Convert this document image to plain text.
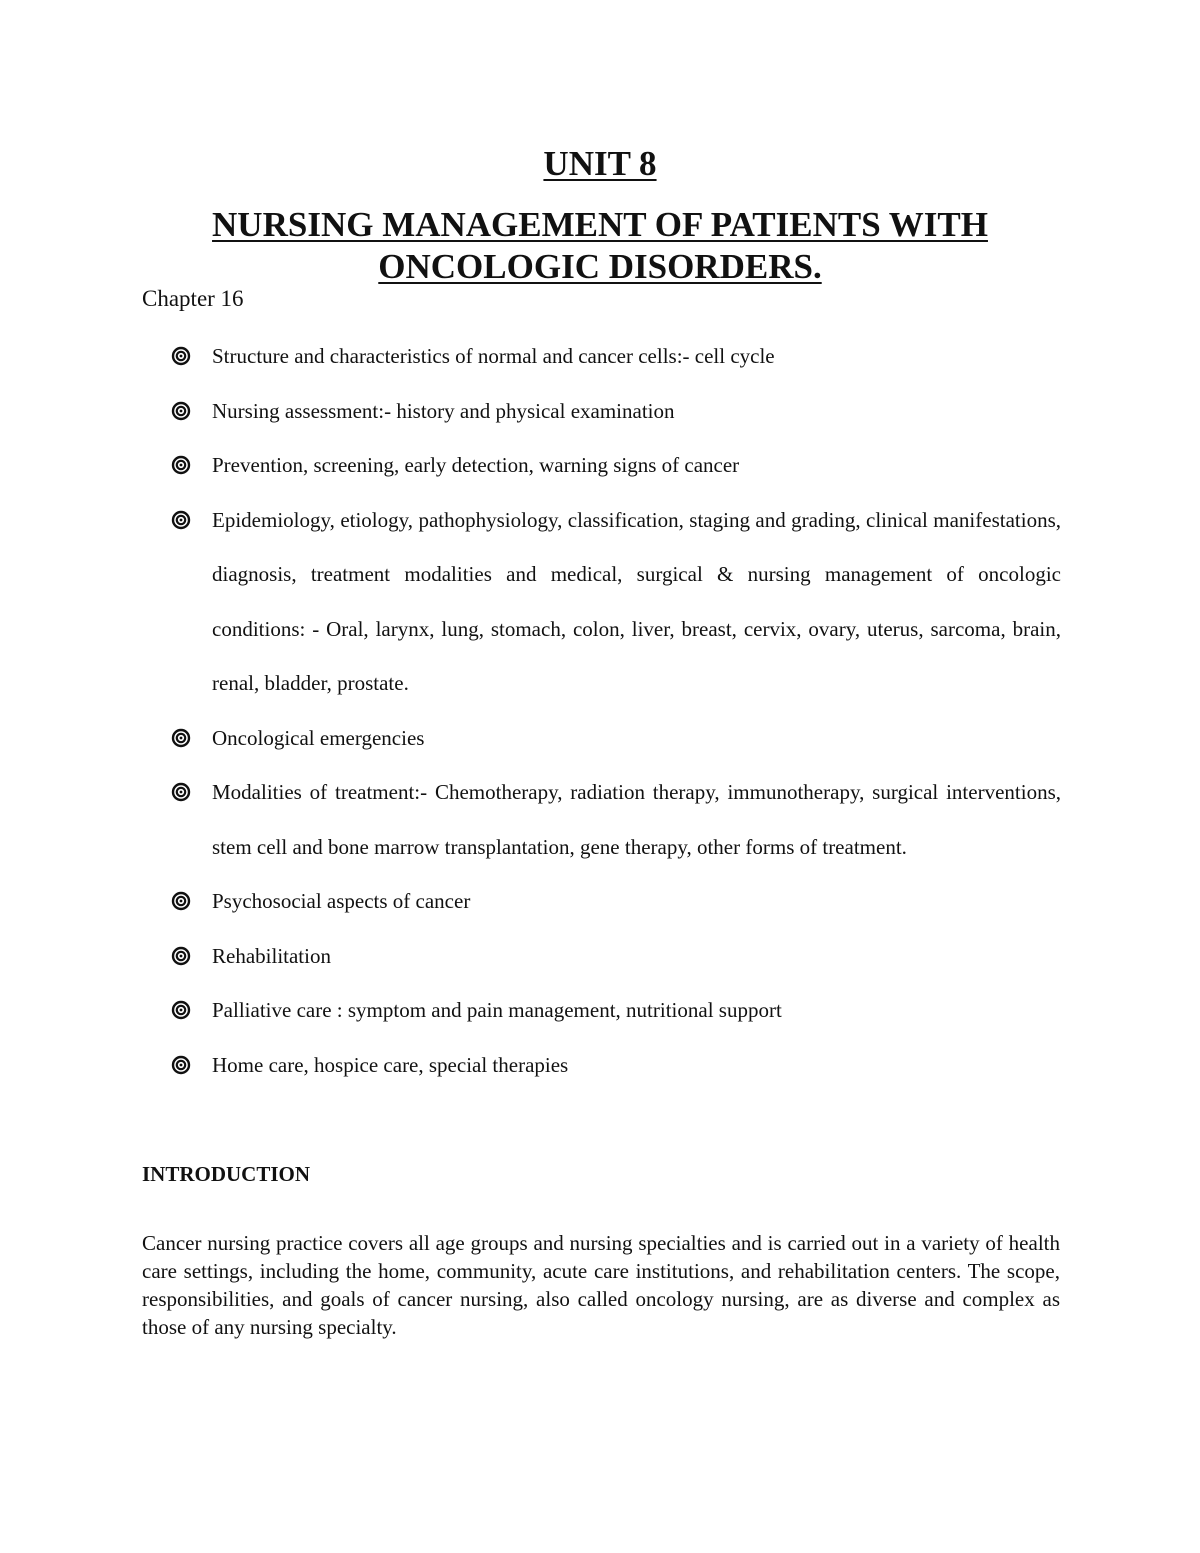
UNIT 8
NURSING MANAGEMENT OF PATIENTS WITH ONCOLOGIC DISORDERS.
Chapter 16
Structure and characteristics of normal and cancer cells:- cell cycle
Nursing assessment:- history and physical examination
Prevention, screening, early detection, warning signs of cancer
Epidemiology, etiology, pathophysiology, classification, staging and grading, clinical manifestations, diagnosis, treatment modalities and medical, surgical & nursing management of oncologic conditions: - Oral, larynx, lung, stomach, colon, liver, breast, cervix, ovary, uterus, sarcoma, brain, renal, bladder, prostate.
Oncological emergencies
Modalities of treatment:- Chemotherapy, radiation therapy, immunotherapy, surgical interventions, stem cell and bone marrow transplantation, gene therapy, other forms of treatment.
Psychosocial aspects of cancer
Rehabilitation
Palliative care : symptom and pain management, nutritional support
Home care, hospice care, special therapies
INTRODUCTION
Cancer nursing practice covers all age groups and nursing specialties and is carried out in a variety of health care settings, including the home, community, acute care institutions, and rehabilitation centers. The scope, responsibilities, and goals of cancer nursing, also called oncology nursing, are as diverse and complex as those of any nursing specialty.
